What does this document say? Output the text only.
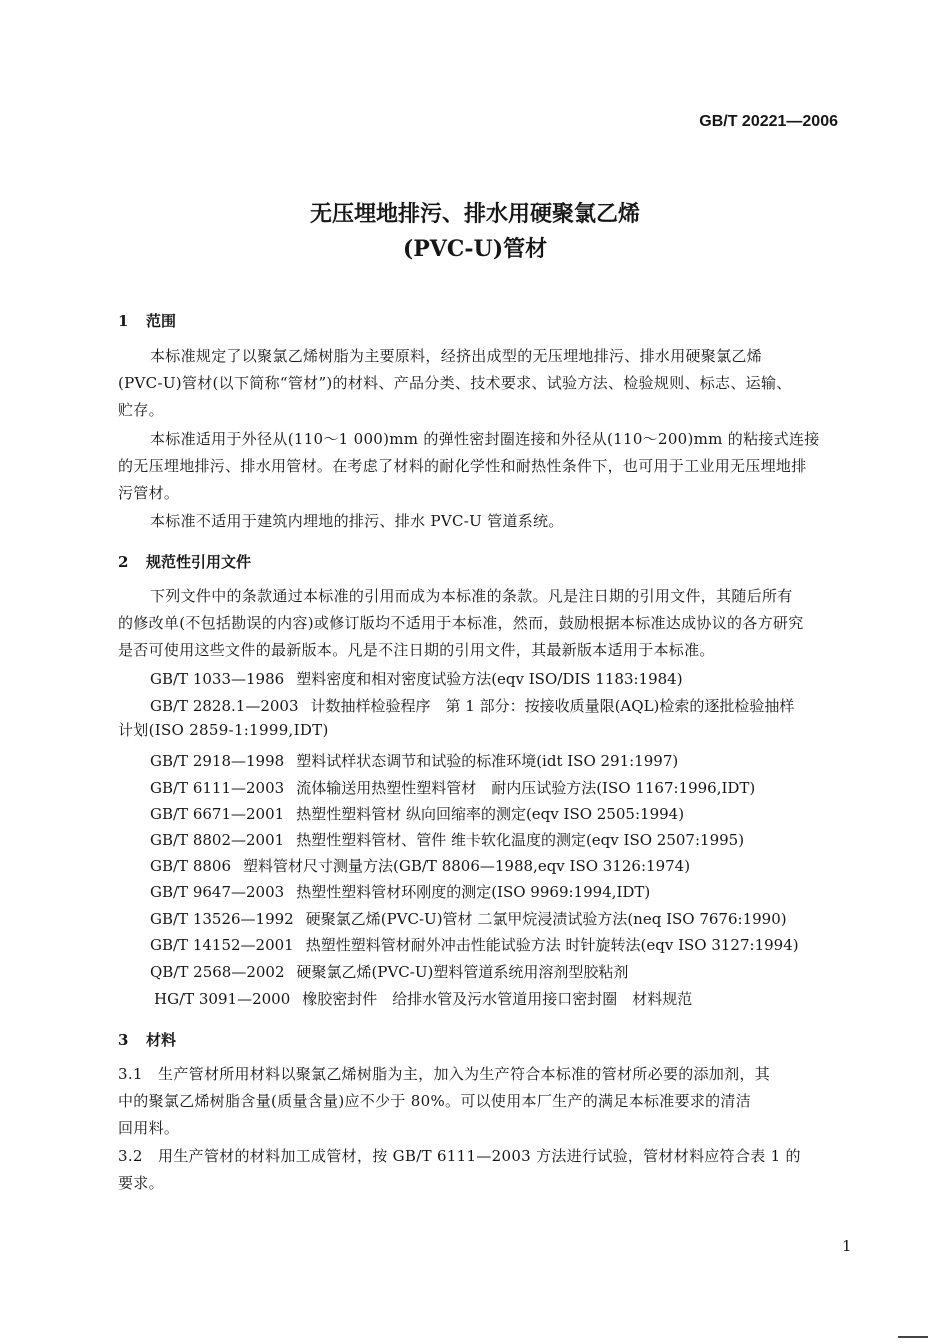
GB/T 20221—2006
无压埋地排污、排水用硬聚氯乙烯
(PVC-U)管材
1 范围
本标准规定了以聚氯乙烯树脂为主要原料，经挤出成型的无压埋地排污、排水用硬聚氯乙烯
(PVC-U)管材(以下简称“管材”)的材料、产品分类、技术要求、试验方法、检验规则、标志、运输、
贮存。
本标准适用于外径从(110～1 000)mm 的弹性密封圈连接和外径从(110～200)mm 的粘接式连接
的无压埋地排污、排水用管材。在考虑了材料的耐化学性和耐热性条件下，也可用于工业用无压埋地排
污管材。
本标准不适用于建筑内埋地的排污、排水 PVC-U 管道系统。
2 规范性引用文件
下列文件中的条款通过本标准的引用而成为本标准的条款。凡是注日期的引用文件，其随后所有
的修改单(不包括勘误的内容)或修订版均不适用于本标准，然而，鼓励根据本标准达成协议的各方研究
是否可使用这些文件的最新版本。凡是不注日期的引用文件，其最新版本适用于本标准。
GB/T 1033—1986 塑料密度和相对密度试验方法(eqv ISO/DIS 1183:1984)
GB/T 2828.1—2003 计数抽样检验程序　第 1 部分：按接收质量限(AQL)检索的逐批检验抽样
计划(ISO 2859-1:1999,IDT)
GB/T 2918—1998 塑料试样状态调节和试验的标准环境(idt ISO 291:1997)
GB/T 6111—2003 流体输送用热塑性塑料管材　耐内压试验方法(ISO 1167:1996,IDT)
GB/T 6671—2001 热塑性塑料管材 纵向回缩率的测定(eqv ISO 2505:1994)
GB/T 8802—2001 热塑性塑料管材、管件 维卡软化温度的测定(eqv ISO 2507:1995)
GB/T 8806 塑料管材尺寸测量方法(GB/T 8806—1988,eqv ISO 3126:1974)
GB/T 9647—2003 热塑性塑料管材环刚度的测定(ISO 9969:1994,IDT)
GB/T 13526—1992 硬聚氯乙烯(PVC-U)管材 二氯甲烷浸渍试验方法(neq ISO 7676:1990)
GB/T 14152—2001 热塑性塑料管材耐外冲击性能试验方法 时针旋转法(eqv ISO 3127:1994)
QB/T 2568—2002 硬聚氯乙烯(PVC-U)塑料管道系统用溶剂型胶粘剂
HG/T 3091—2000 橡胶密封件　给排水管及污水管道用接口密封圈　材料规范
3 材料
3.1　生产管材所用材料以聚氯乙烯树脂为主，加入为生产符合本标准的管材所必要的添加剂，其
中的聚氯乙烯树脂含量(质量含量)应不少于 80%。可以使用本厂生产的满足本标准要求的清洁
回用料。
3.2　用生产管材的材料加工成管材，按 GB/T 6111—2003 方法进行试验，管材材料应符合表 1 的
要求。
1
